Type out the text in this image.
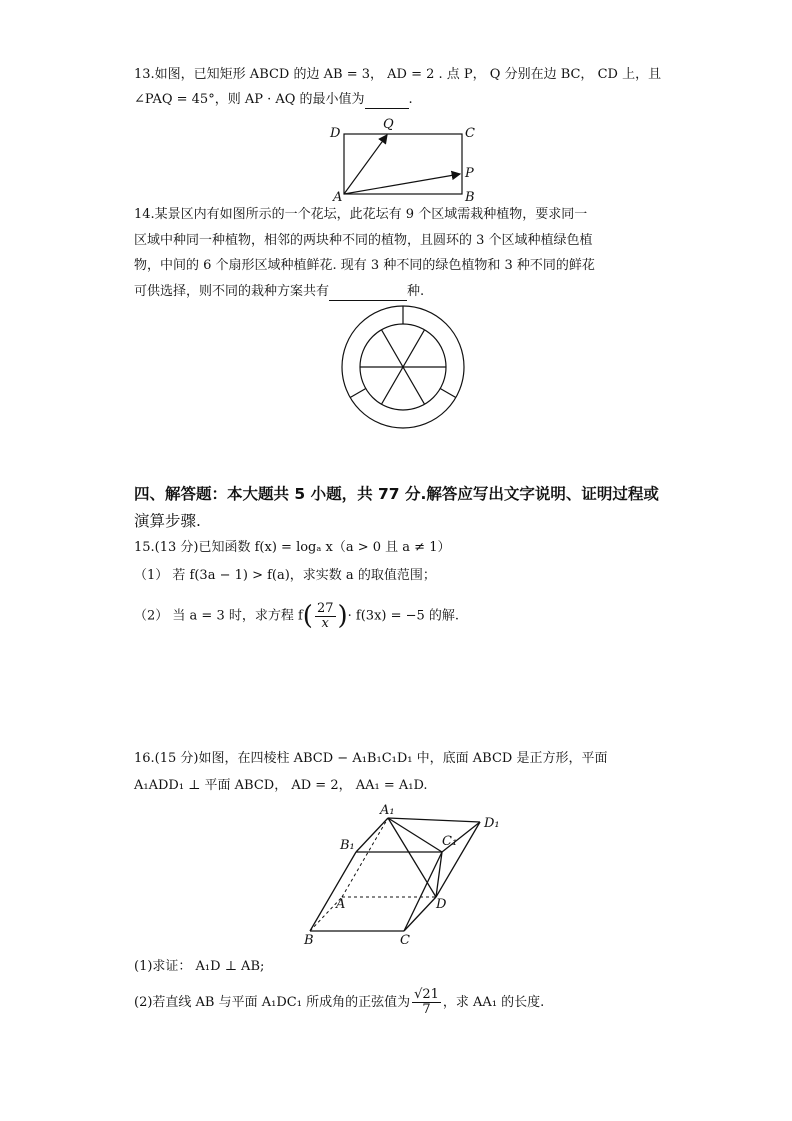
13.如图，已知矩形 ABCD 的边 AB = 3， AD = 2 . 点 P， Q 分别在边 BC， CD 上，且
∠PAQ = 45°，则 AP · AQ 的最小值为	.
D
Q
C
P
A	B
14.某景区内有如图所示的一个花坛，此花坛有 9 个区域需栽种植物，要求同一
区域中种同一种植物，相邻的两块种不同的植物，且圆环的 3 个区域种植绿色植
物，中间的 6 个扇形区域种植鲜花. 现有 3 种不同的绿色植物和 3 种不同的鲜花
可供选择，则不同的栽种方案共有	种.
四、解答题：本大题共 5 小题，共 77 分.解答应写出文字说明、证明过程或
演算步骤.
15.(13 分)已知函数 f(x) = logₐ x（a > 0 且 a ≠ 1）
（1） 若 f(3a − 1) > f(a)，求实数 a 的取值范围；
（2） 当 a = 3 时，求方程 $f( \frac{27}{x}$ )· f(3x) = −5 的解.
16.(15 分)如图，在四棱柱 ABCD − A₁B₁C₁D₁ 中，底面 ABCD 是正方形，平面
A₁ADD₁ ⊥ 平面 ABCD， AD = 2， AA₁ = A₁D.
A₁
B₁	C₁
D₁
A	D
B	C
(1)求证： A₁D ⊥ AB;
(2)若直线 AB 与平面 A₁DC₁ 所成角的正弦值为 $\frac{√21}{7}$ ，求 AA₁ 的长度.
